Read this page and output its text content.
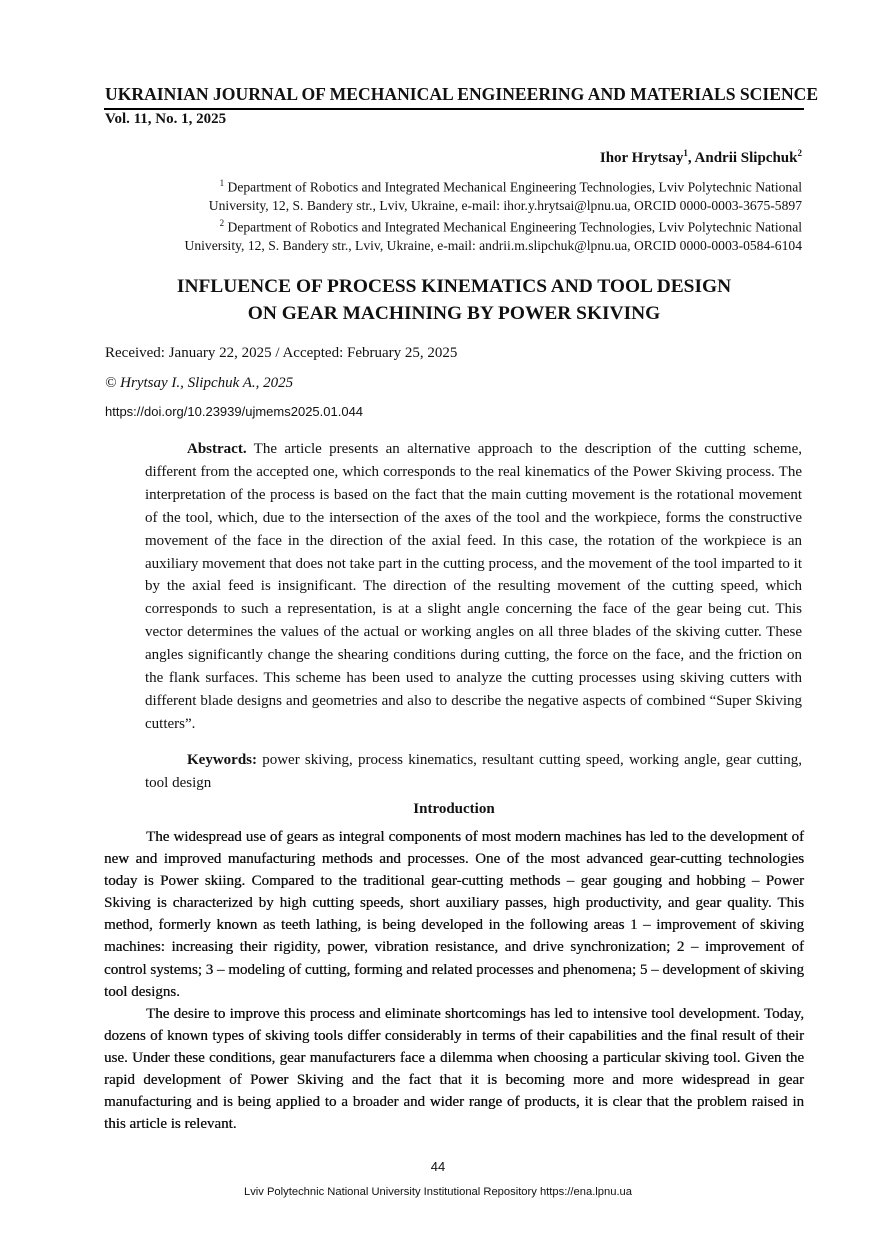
UKRAINIAN JOURNAL OF MECHANICAL ENGINEERING AND MATERIALS SCIENCE
Vol. 11, No. 1, 2025
Ihor Hrytsay$^1$, Andrii Slipchuk$^2$
$^1$ Department of Robotics and Integrated Mechanical Engineering Technologies, Lviv Polytechnic National
University, 12, S. Bandery str., Lviv, Ukraine, e-mail: ihor.y.hrytsai@lpnu.ua, ORCID 0000-0003-3675-5897
$^2$ Department of Robotics and Integrated Mechanical Engineering Technologies, Lviv Polytechnic National
University, 12, S. Bandery str., Lviv, Ukraine, e-mail: andrii.m.slipchuk@lpnu.ua, ORCID 0000-0003-0584-6104
INFLUENCE OF PROCESS KINEMATICS AND TOOL DESIGN
ON GEAR MACHINING BY POWER SKIVING
Received: January 22, 2025 / Accepted: February 25, 2025
© Hrytsay I., Slipchuk A., 2025
https://doi.org/10.23939/ujmems2025.01.044

Abstract. The article presents an alternative approach to the description of the cutting scheme, different from the accepted one, which corresponds to the real kinematics of the Power Skiving process. The interpretation of the process is based on the fact that the main cutting movement is the rotational movement of the tool, which, due to the intersection of the axes of the tool and the workpiece, forms the constructive movement of the face in the direction of the axial feed. In this case, the rotation of the workpiece is an auxiliary movement that does not take part in the cutting process, and the movement of the tool imparted to it by the axial feed is insignificant. The direction of the resulting movement of the cutting speed, which corresponds to such a representation, is at a slight angle concerning the face of the gear being cut. This vector determines the values of the actual or working angles on all three blades of the skiving cutter. These angles significantly change the shearing conditions during cutting, the force on the face, and the friction on the flank surfaces. This scheme has been used to analyze the cutting processes using skiving cutters with different blade designs and geometries and also to describe the negative aspects of combined “Super Skiving cutters”.

Keywords: power skiving, process kinematics, resultant cutting speed, working angle, gear cutting, tool design

Introduction

The widespread use of gears as integral components of most modern machines has led to the development of new and improved manufacturing methods and processes. One of the most advanced gear-cutting technologies today is Power skiing. Compared to the traditional gear-cutting methods – gear gouging and hobbing – Power Skiving is characterized by high cutting speeds, short auxiliary passes, high productivity, and gear quality. This method, formerly known as teeth lathing, is being developed in the following areas 1 – improvement of skiving machines: increasing their rigidity, power, vibration resistance, and drive synchronization; 2 – improvement of control systems; 3 – modeling of cutting, forming and related processes and phenomena; 5 – development of skiving tool designs.

The desire to improve this process and eliminate shortcomings has led to intensive tool development. Today, dozens of known types of skiving tools differ considerably in terms of their capabilities and the final result of their use. Under these conditions, gear manufacturers face a dilemma when choosing a particular skiving tool. Given the rapid development of Power Skiving and the fact that it is becoming more and more widespread in gear manufacturing and is being applied to a broader and wider range of products, it is clear that the problem raised in this article is relevant.

44
Lviv Polytechnic National University Institutional Repository https://ena.lpnu.ua
